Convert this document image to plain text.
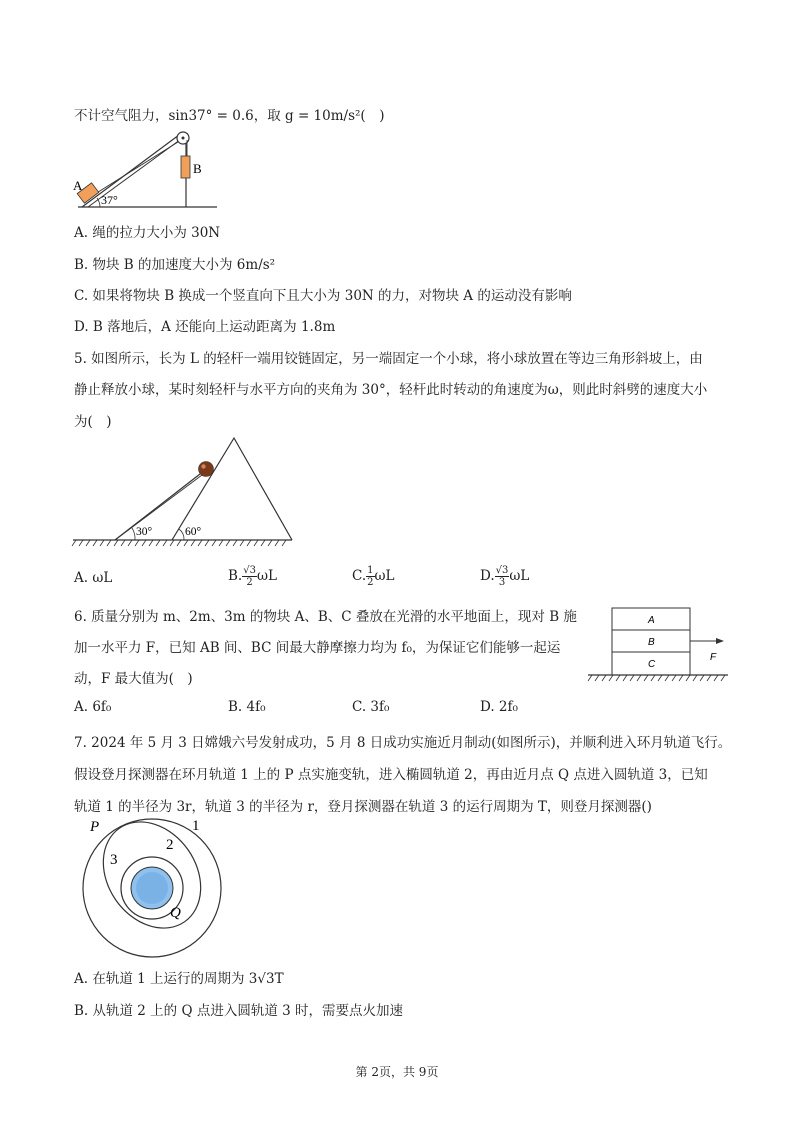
不计空气阻力，sin37° = 0.6，取 g = 10m/s²(　)
A
B
37°
A. 绳的拉力大小为 30N
B. 物块 B 的加速度大小为 6m/s²
C. 如果将物块 B 换成一个竖直向下且大小为 30N 的力，对物块 A 的运动没有影响
D. B 落地后，A 还能向上运动距离为 1.8m
5. 如图所示，长为 L 的轻杆一端用铰链固定，另一端固定一个小球，将小球放置在等边三角形斜坡上，由
静止释放小球，某时刻轻杆与水平方向的夹角为 30°，轻杆此时转动的角速度为ω，则此时斜劈的速度大小
为(　)
30°	60°
A. ωL	B. $\frac{√3}{2}$ ωL	C. $\frac{1}{2}$ ωL	D. $\frac{√3}{3}$ ωL
6. 质量分别为 m、2m、3m 的物块 A、B、C 叠放在光滑的水平地面上，现对 B 施
加一水平力 F，已知 AB 间、BC 间最大静摩擦力均为 f₀，为保证它们能够一起运
动，F 最大值为(　)
A
B
C
F
A. 6f₀	B. 4f₀	C. 3f₀	D. 2f₀
7. 2024 年 5 月 3 日嫦娥六号发射成功，5 月 8 日成功实施近月制动(如图所示)，并顺利进入环月轨道飞行。
假设登月探测器在环月轨道 1 上的 P 点实施变轨，进入椭圆轨道 2，再由近月点 Q 点进入圆轨道 3，已知
轨道 1 的半径为 3r，轨道 3 的半径为 r，登月探测器在轨道 3 的运行周期为 T，则登月探测器()
P	1
2
3
Q
A. 在轨道 1 上运行的周期为 3√3T
B. 从轨道 2 上的 Q 点进入圆轨道 3 时，需要点火加速
第 2页，共 9页
